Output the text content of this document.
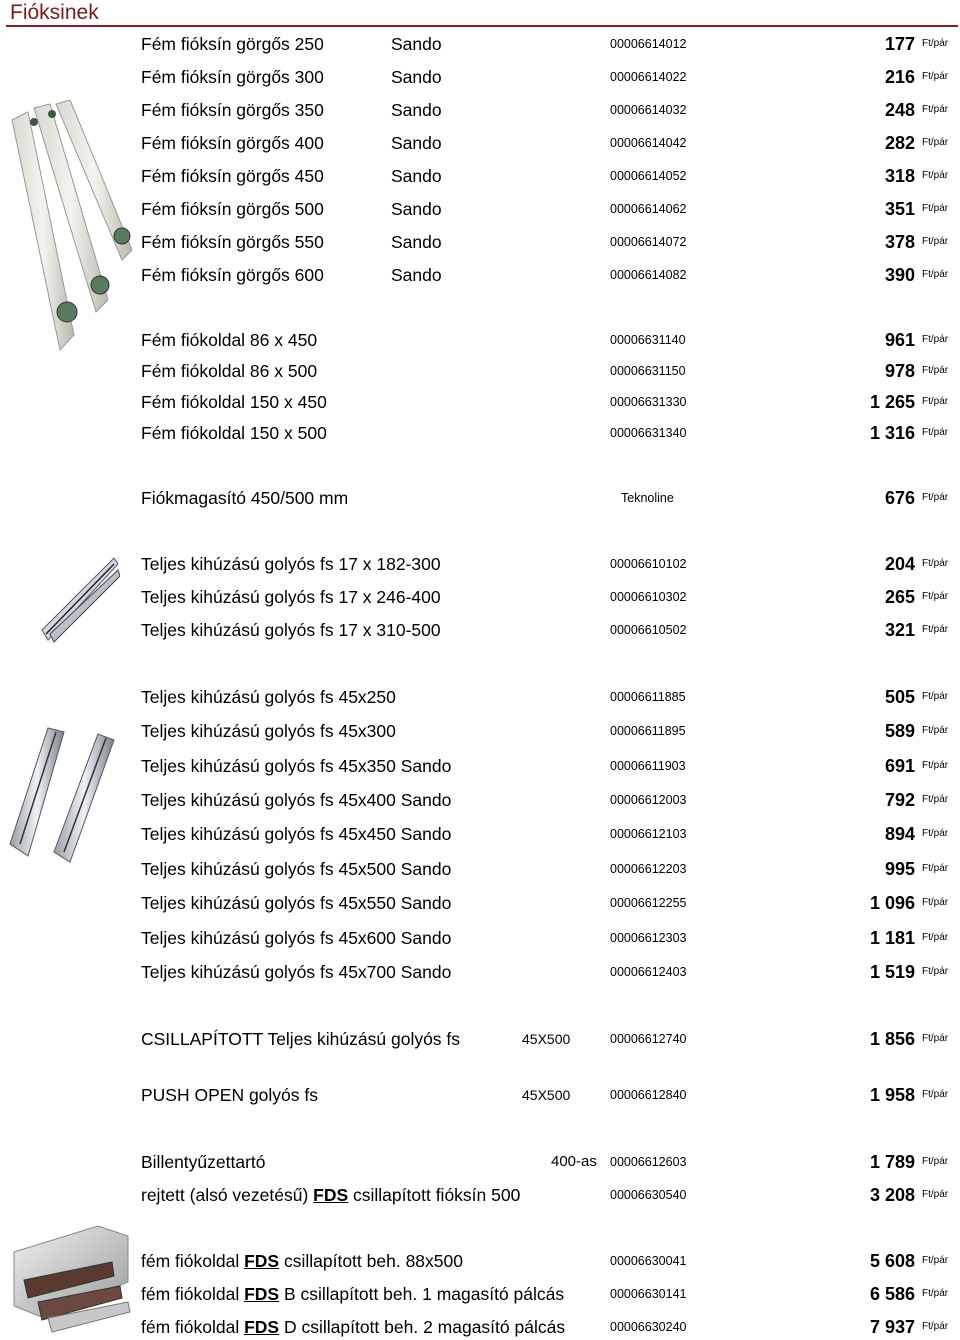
Fióksinek
Fém fióksín görgős 250	Sando	00006614012	177 Ft/pár
Fém fióksín görgős 300	Sando	00006614022	216 Ft/pár
Fém fióksín görgős 350	Sando	00006614032	248 Ft/pár
Fém fióksín görgős 400	Sando	00006614042	282 Ft/pár
Fém fióksín görgős 450	Sando	00006614052	318 Ft/pár
Fém fióksín görgős 500	Sando	00006614062	351 Ft/pár
Fém fióksín görgős 550	Sando	00006614072	378 Ft/pár
Fém fióksín görgős 600	Sando	00006614082	390 Ft/pár
Fém fiókoldal 86 x 450	00006631140	961 Ft/pár
Fém fiókoldal 86 x 500	00006631150	978 Ft/pár
Fém fiókoldal 150 x 450	00006631330	1 265 Ft/pár
Fém fiókoldal 150 x 500	00006631340	1 316 Ft/pár
Fiókmagasító 450/500 mm	Teknoline	676 Ft/pár
Teljes kihúzású golyós fs 17 x 182-300	00006610102	204 Ft/pár
Teljes kihúzású golyós fs 17 x 246-400	00006610302	265 Ft/pár
Teljes kihúzású golyós fs 17 x 310-500	00006610502	321 Ft/pár
Teljes kihúzású golyós fs 45x250	00006611885	505 Ft/pár
Teljes kihúzású golyós fs 45x300	00006611895	589 Ft/pár
Teljes kihúzású golyós fs 45x350 Sando	00006611903	691 Ft/pár
Teljes kihúzású golyós fs 45x400 Sando	00006612003	792 Ft/pár
Teljes kihúzású golyós fs 45x450 Sando	00006612103	894 Ft/pár
Teljes kihúzású golyós fs 45x500 Sando	00006612203	995 Ft/pár
Teljes kihúzású golyós fs 45x550 Sando	00006612255	1 096 Ft/pár
Teljes kihúzású golyós fs 45x600 Sando	00006612303	1 181 Ft/pár
Teljes kihúzású golyós fs 45x700 Sando	00006612403	1 519 Ft/pár
CSILLAPÍTOTT Teljes kihúzású golyós fs	45X500	00006612740	1 856 Ft/pár
PUSH OPEN golyós fs	45X500	00006612840	1 958 Ft/pár
Billentyűzettartó	400-as 00006612603	1 789 Ft/pár
rejtett (alsó vezetésű) FDS csillapított fióksín 500	00006630540	3 208 Ft/pár
fém fiókoldal FDS csillapított beh. 88x500	00006630041	5 608 Ft/pár
fém fiókoldal FDS B csillapított beh. 1 magasító pálcás	00006630141	6 586 Ft/pár
fém fiókoldal FDS D csillapított beh. 2 magasító pálcás	00006630240	7 937 Ft/pár
